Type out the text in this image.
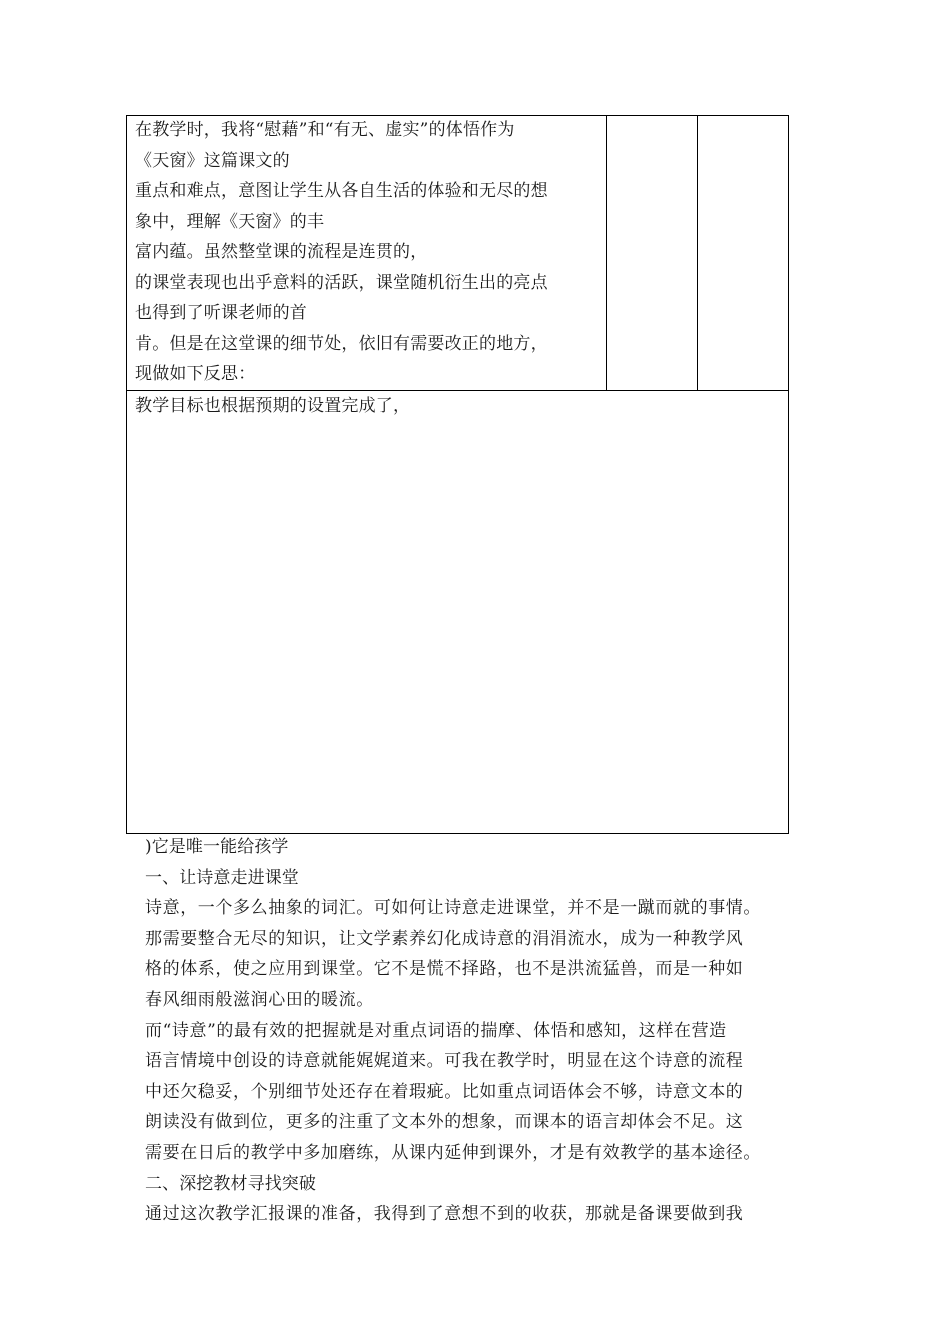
在教学时，我将“慰藉”和“有无、虚实”的体悟作为
《天窗》这篇课文的
重点和难点，意图让学生从各自生活的体验和无尽的想
象中，理解《天窗》的丰
富内蕴。虽然整堂课的流程是连贯的，
的课堂表现也出乎意料的活跃，课堂随机衍生出的亮点
也得到了听课老师的首
肯。但是在这堂课的细节处，依旧有需要改正的地方，
现做如下反思：
教学目标也根据预期的设置完成了，
)它是唯一能给孩学
一、让诗意走进课堂
诗意，一个多么抽象的词汇。可如何让诗意走进课堂，并不是一蹴而就的事情。
那需要整合无尽的知识，让文学素养幻化成诗意的涓涓流水，成为一种教学风
格的体系，使之应用到课堂。它不是慌不择路，也不是洪流猛兽，而是一种如
春风细雨般滋润心田的暖流。
而“诗意”的最有效的把握就是对重点词语的揣摩、体悟和感知，这样在营造
语言情境中创设的诗意就能娓娓道来。可我在教学时，明显在这个诗意的流程
中还欠稳妥，个别细节处还存在着瑕疵。比如重点词语体会不够，诗意文本的
朗读没有做到位，更多的注重了文本外的想象，而课本的语言却体会不足。这
需要在日后的教学中多加磨练，从课内延伸到课外，才是有效教学的基本途径。
二、深挖教材寻找突破
通过这次教学汇报课的准备，我得到了意想不到的收获，那就是备课要做到我
